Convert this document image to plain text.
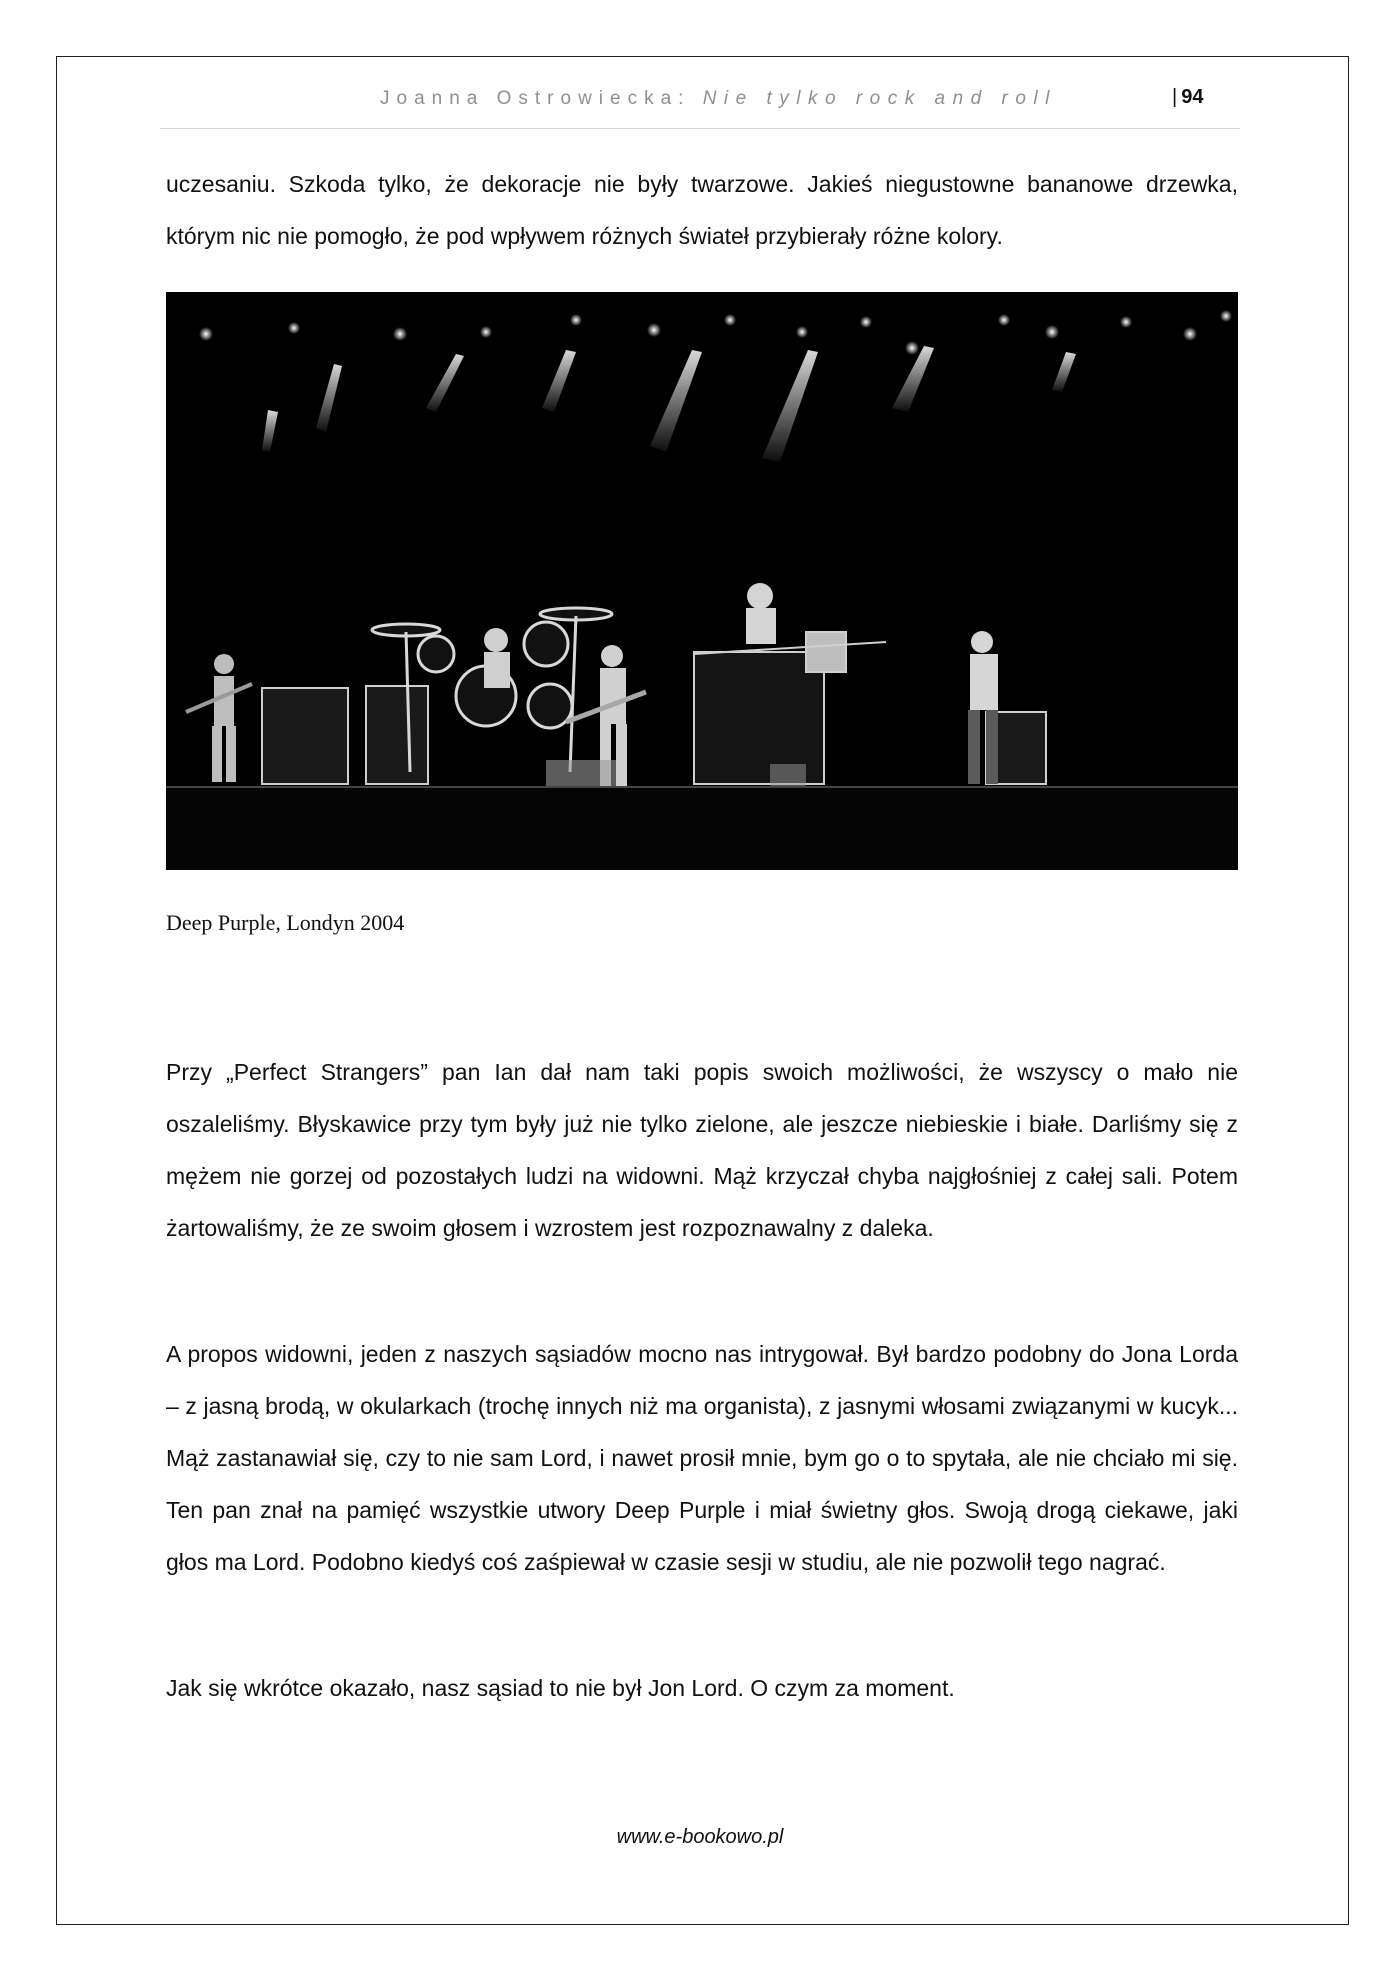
Joanna Ostrowiecka: Nie tylko rock and roll	| 94

uczesaniu. Szkoda tylko, że dekoracje nie były twarzowe. Jakieś niegustowne bananowe drzewka, którym nic nie pomogło, że pod wpływem różnych świateł przybierały różne kolory.

Deep Purple, Londyn 2004

Przy „Perfect Strangers” pan Ian dał nam taki popis swoich możliwości, że wszyscy o mało nie oszaleliśmy. Błyskawice przy tym były już nie tylko zielone, ale jeszcze niebieskie i białe. Darliśmy się z mężem nie gorzej od pozostałych ludzi na widowni. Mąż krzyczał chyba najgłośniej z całej sali. Potem żartowaliśmy, że ze swoim głosem i wzrostem jest rozpoznawalny z daleka.

A propos widowni, jeden z naszych sąsiadów mocno nas intrygował. Był bardzo podobny do Jona Lorda – z jasną brodą, w okularkach (trochę innych niż ma organista), z jasnymi włosami związanymi w kucyk... Mąż zastanawiał się, czy to nie sam Lord, i nawet prosił mnie, bym go o to spytała, ale nie chciało mi się. Ten pan znał na pamięć wszystkie utwory Deep Purple i miał świetny głos. Swoją drogą ciekawe, jaki głos ma Lord. Podobno kiedyś coś zaśpiewał w czasie sesji w studiu, ale nie pozwolił tego nagrać.

Jak się wkrótce okazało, nasz sąsiad to nie był Jon Lord. O czym za moment.

www.e-bookowo.pl
